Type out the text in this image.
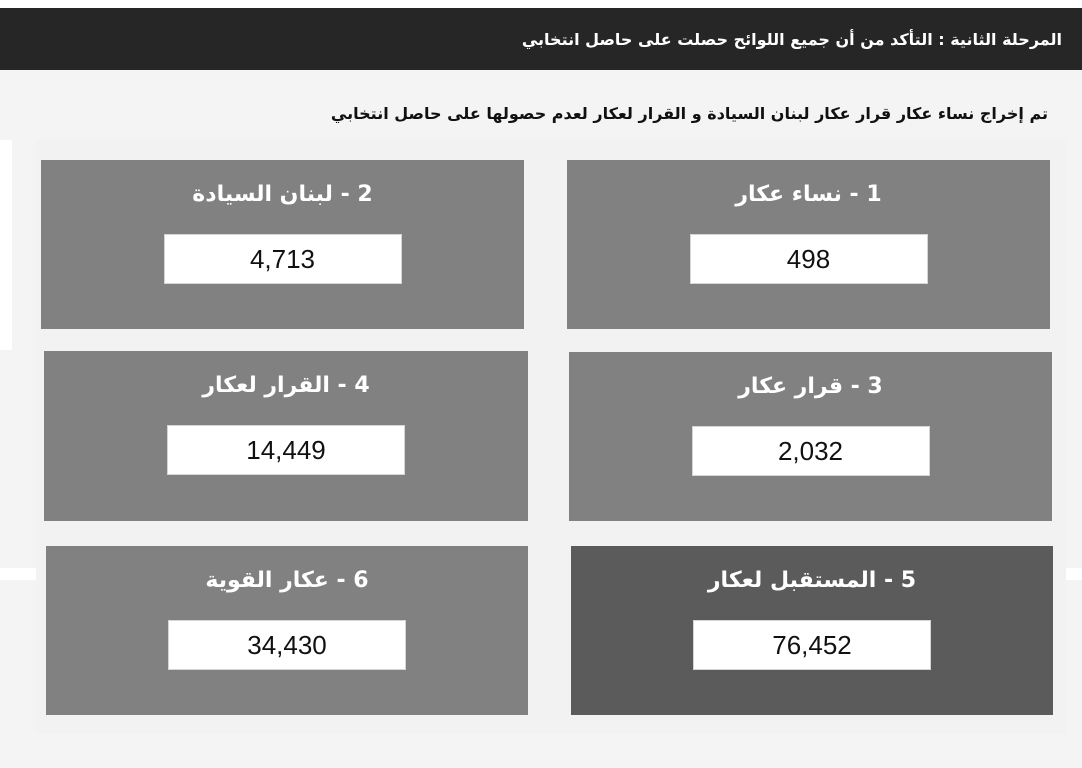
المرحلة الثانية : التأكد من أن جميع اللوائح حصلت على حاصل انتخابي
تم إخراج نساء عكار قرار عكار لبنان السيادة و القرار لعكار لعدم حصولها على حاصل انتخابي
1 - نساء عكار
498
2 - لبنان السيادة
4,713
3 - قرار عكار
2,032
4 - القرار لعكار
14,449
5 - المستقبل لعكار
76,452
6 - عكار القوية
34,430
